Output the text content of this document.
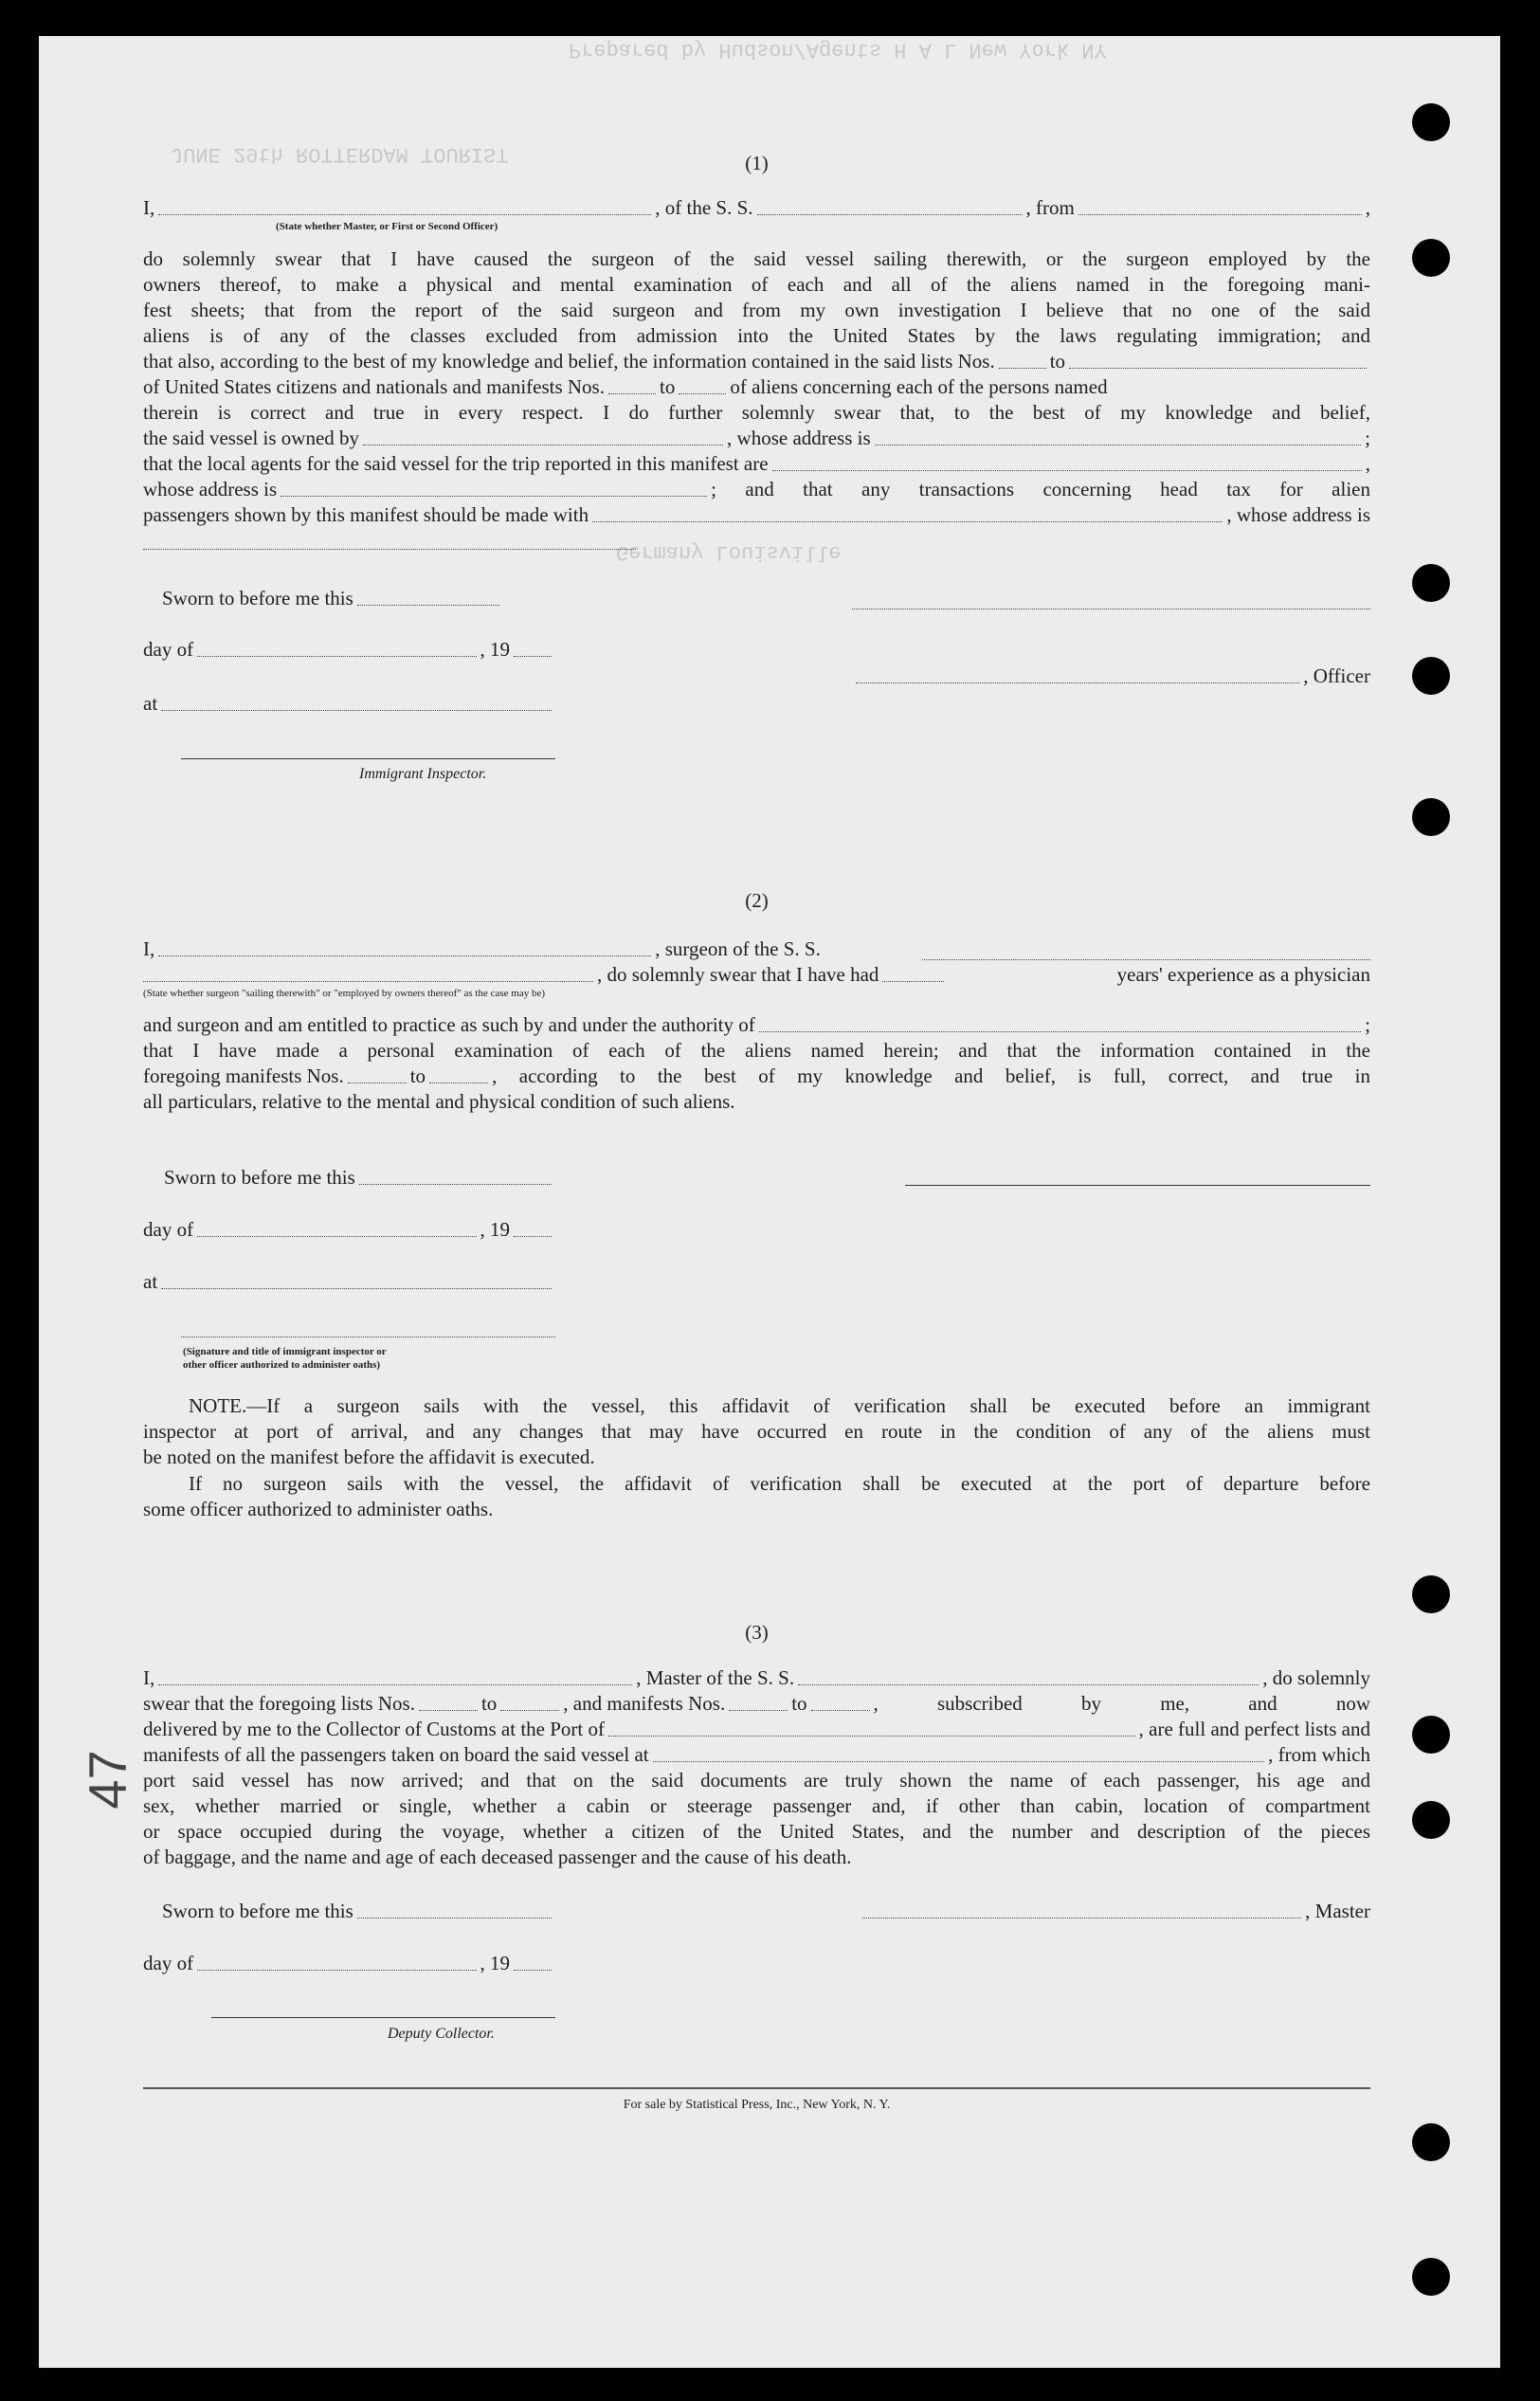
Prepared by Hudson/Agents H A L New York NY
JUNE 29th ROTTERDAM TOURIST
Germany Louisville
47
(1)
I,	, of the S. S.	, from	,
(State whether Master, or First or Second Officer)
do solemnly swear that I have caused the surgeon of the said vessel sailing therewith, or the surgeon employed by the
owners thereof, to make a physical and mental examination of each and all of the aliens named in the foregoing mani-
fest sheets; that from the report of the said surgeon and from my own investigation I believe that no one of the said
aliens is of any of the classes excluded from admission into the United States by the laws regulating immigration; and
that also, according to the best of my knowledge and belief, the information contained in the said lists Nos.	to
of United States citizens and nationals and manifests Nos.	to	of aliens concerning each of the persons named
therein is correct and true in every respect. I do further solemnly swear that, to the best of my knowledge and belief,
the said vessel is owned by	, whose address is	;
that the local agents for the said vessel for the trip reported in this manifest are	,
whose address is	; and that any transactions concerning head tax for alien
passengers shown by this manifest should be made with	, whose address is
Sworn to before me this
day of	, 19
, Officer
at
Immigrant Inspector.
(2)
I,	, surgeon of the S. S.
, do solemnly swear that I have had	years' experience as a physician
(State whether surgeon "sailing therewith" or "employed by owners thereof" as the case may be)
and surgeon and am entitled to practice as such by and under the authority of	;
that I have made a personal examination of each of the aliens named herein; and that the information contained in the
foregoing manifests Nos.	to	, according to the best of my knowledge and belief, is full, correct, and true in
all particulars, relative to the mental and physical condition of such aliens.
Sworn to before me this
day of	, 19
at
(Signature and title of immigrant inspector or
other officer authorized to administer oaths)
NOTE. —If a surgeon sails with the vessel, this affidavit of verification shall be executed before an immigrant
inspector at port of arrival, and any changes that may have occurred en route in the condition of any of the aliens must
be noted on the manifest before the affidavit is executed.
If no surgeon sails with the vessel, the affidavit of verification shall be executed at the port of departure before
some officer authorized to administer oaths.
(3)
I,	, Master of the S. S.	, do solemnly
swear that the foregoing lists Nos.	to	, and manifests Nos.	to	, subscribed by me, and now
delivered by me to the Collector of Customs at the Port of	, are full and perfect lists and
manifests of all the passengers taken on board the said vessel at	, from which
port said vessel has now arrived; and that on the said documents are truly shown the name of each passenger, his age and
sex, whether married or single, whether a cabin or steerage passenger and, if other than cabin, location of compartment
or space occupied during the voyage, whether a citizen of the United States, and the number and description of the pieces
of baggage, and the name and age of each deceased passenger and the cause of his death.
Sworn to before me this	, Master
day of	, 19
Deputy Collector.
For sale by Statistical Press, Inc., New York, N. Y.
